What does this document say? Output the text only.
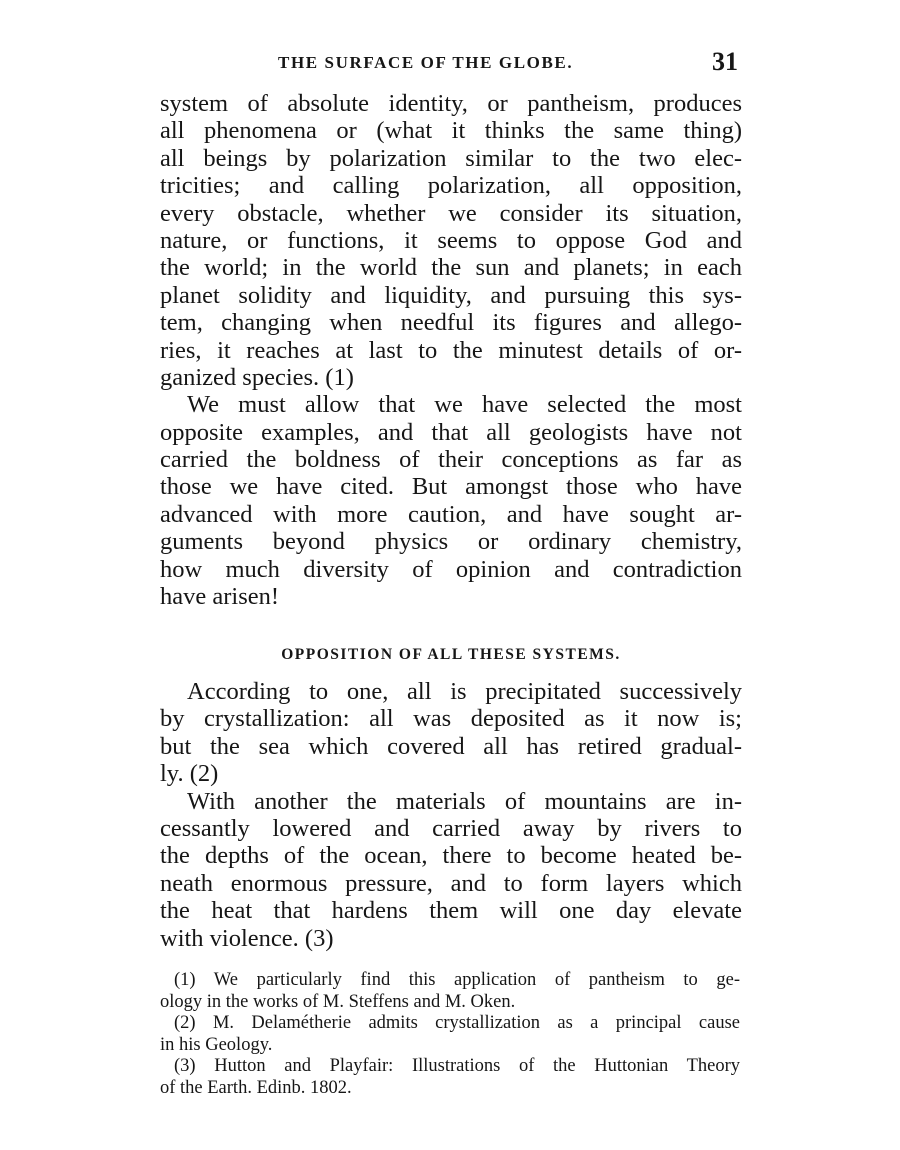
THE SURFACE OF THE GLOBE.	31
system of absolute identity, or pantheism, produces
all phenomena or (what it thinks the same thing)
all beings by polarization similar to the two elec-
tricities; and calling polarization, all opposition,
every obstacle, whether we consider its situation,
nature, or functions, it seems to oppose God and
the world; in the world the sun and planets; in each
planet solidity and liquidity, and pursuing this sys-
tem, changing when needful its figures and allego-
ries, it reaches at last to the minutest details of or-
ganized species. (1)
We must allow that we have selected the most
opposite examples, and that all geologists have not
carried the boldness of their conceptions as far as
those we have cited. But amongst those who have
advanced with more caution, and have sought ar-
guments beyond physics or ordinary chemistry,
how much diversity of opinion and contradiction
have arisen!
OPPOSITION OF ALL THESE SYSTEMS.
According to one, all is precipitated successively
by crystallization: all was deposited as it now is;
but the sea which covered all has retired gradual-
ly. (2)
With another the materials of mountains are in-
cessantly lowered and carried away by rivers to
the depths of the ocean, there to become heated be-
neath enormous pressure, and to form layers which
the heat that hardens them will one day elevate
with violence. (3)
(1) We particularly find this application of pantheism to ge-
ology in the works of M. Steffens and M. Oken.
(2) M. Delamétherie admits crystallization as a principal cause
in his Geology.
(3) Hutton and Playfair: Illustrations of the Huttonian Theory
of the Earth. Edinb. 1802.
